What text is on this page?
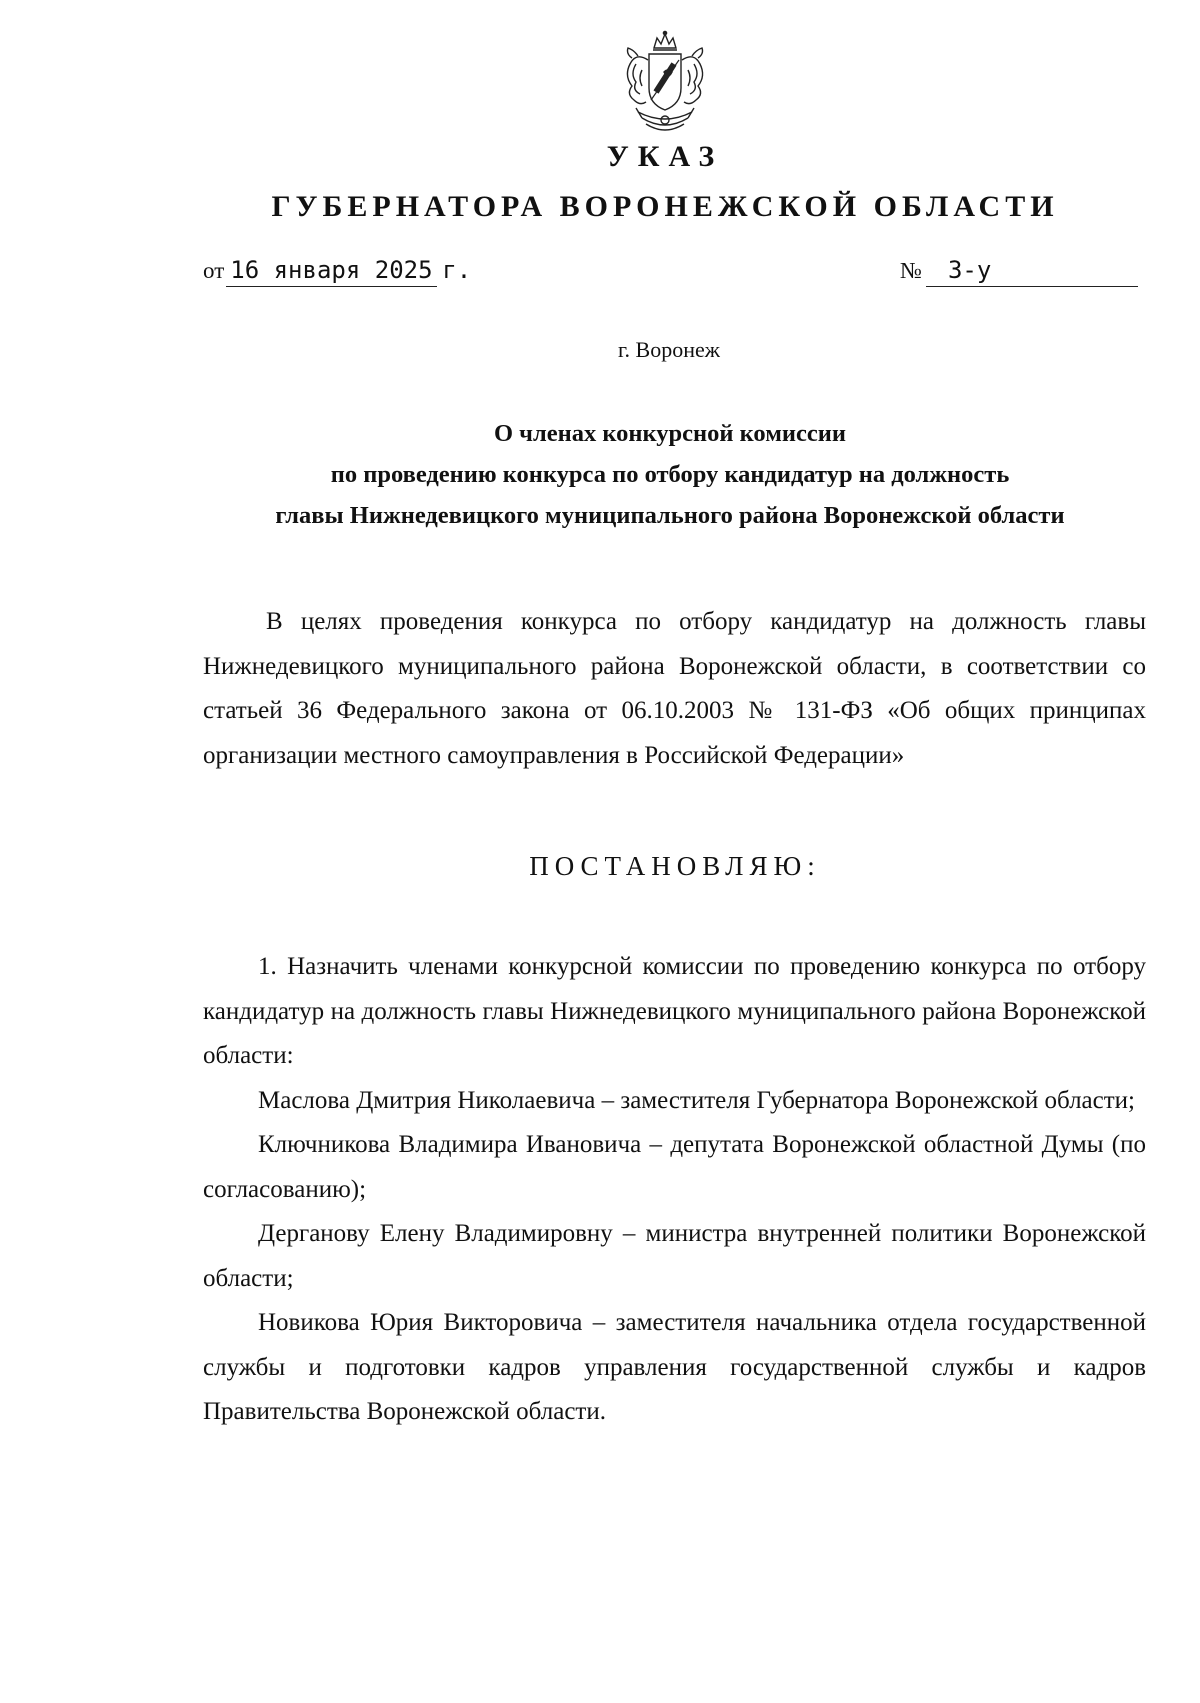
УКАЗ
ГУБЕРНАТОРА ВОРОНЕЖСКОЙ ОБЛАСТИ
от 16 января 2025 г.	№ 3-у
г. Воронеж
О членах конкурсной комиссии
по проведению конкурса по отбору кандидатур на должность
главы Нижнедевицкого муниципального района Воронежской области

В целях проведения конкурса по отбору кандидатур на должность главы Нижнедевицкого муниципального района Воронежской области, в соответствии со статьей 36 Федерального закона от 06.10.2003 № 131-ФЗ «Об общих принципах организации местного самоуправления в Российской Федерации»

ПОСТАНОВЛЯЮ:

1. Назначить членами конкурсной комиссии по проведению конкурса по отбору кандидатур на должность главы Нижнедевицкого муниципального района Воронежской области:

Маслова Дмитрия Николаевича – заместителя Губернатора Воронежской области;

Ключникова Владимира Ивановича – депутата Воронежской областной Думы (по согласованию);

Дерганову Елену Владимировну – министра внутренней политики Воронежской области;

Новикова Юрия Викторовича – заместителя начальника отдела государственной службы и подготовки кадров управления государственной службы и кадров Правительства Воронежской области.
